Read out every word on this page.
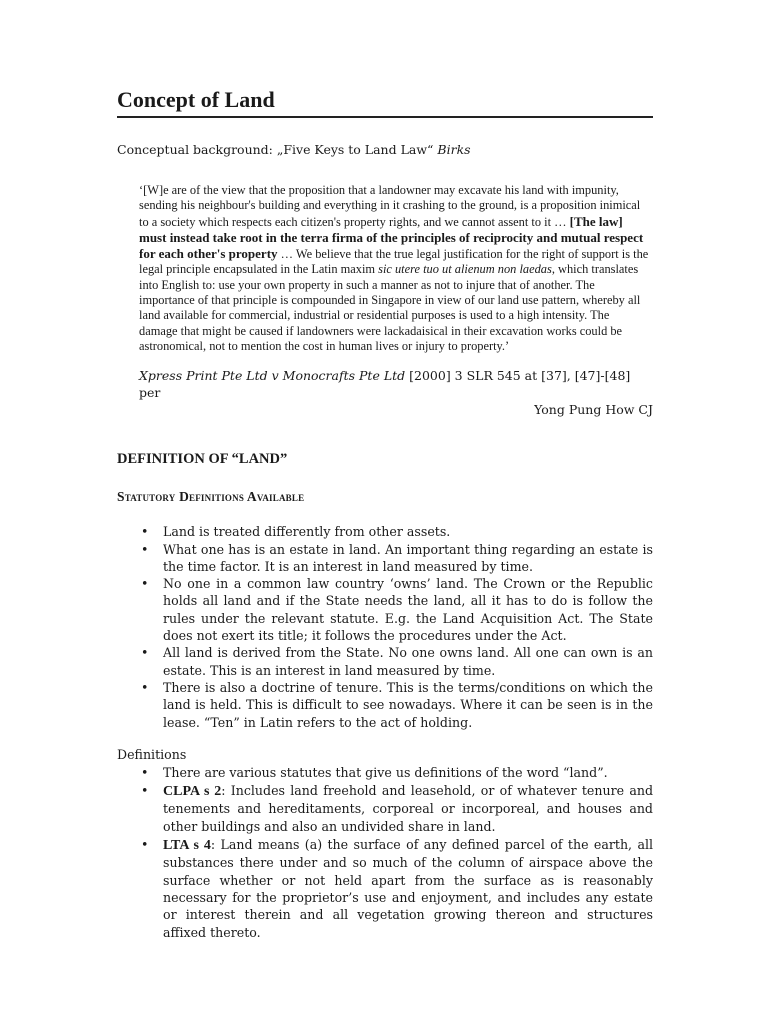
Concept of Land
Conceptual background: „Five Keys to Land Law“ Birks
‘[W]e are of the view that the proposition that a landowner may excavate his land with impunity, sending his neighbour's building and everything in it crashing to the ground, is a proposition inimical to a society which respects each citizen's property rights, and we cannot assent to it … [The law] must instead take root in the terra firma of the principles of reciprocity and mutual respect for each other's property … We believe that the true legal justification for the right of support is the legal principle encapsulated in the Latin maxim sic utere tuo ut alienum non laedas, which translates into English to: use your own property in such a manner as not to injure that of another. The importance of that principle is compounded in Singapore in view of our land use pattern, whereby all land available for commercial, industrial or residential purposes is used to a high intensity. The damage that might be caused if landowners were lackadaisical in their excavation works could be astronomical, not to mention the cost in human lives or injury to property.’
Xpress Print Pte Ltd v Monocrafts Pte Ltd [2000] 3 SLR 545 at [37], [47]-[48] per
Yong Pung How CJ
DEFINITION OF “LAND”
Statutory Definitions Available
• Land is treated differently from other assets.
• What one has is an estate in land. An important thing regarding an estate is the time factor. It is an interest in land measured by time.
• No one in a common law country ‘owns’ land. The Crown or the Republic holds all land and if the State needs the land, all it has to do is follow the rules under the relevant statute. E.g. the Land Acquisition Act. The State does not exert its title; it follows the procedures under the Act.
• All land is derived from the State. No one owns land. All one can own is an estate. This is an interest in land measured by time.
• There is also a doctrine of tenure. This is the terms/conditions on which the land is held. This is difficult to see nowadays. Where it can be seen is in the lease. “Ten” in Latin refers to the act of holding.
Definitions
• There are various statutes that give us definitions of the word “land”.
• CLPA s 2: Includes land freehold and leasehold, or of whatever tenure and tenements and hereditaments, corporeal or incorporeal, and houses and other buildings and also an undivided share in land.
• LTA s 4: Land means (a) the surface of any defined parcel of the earth, all substances there under and so much of the column of airspace above the surface whether or not held apart from the surface as is reasonably necessary for the proprietor’s use and enjoyment, and includes any estate or interest therein and all vegetation growing thereon and structures affixed thereto.
